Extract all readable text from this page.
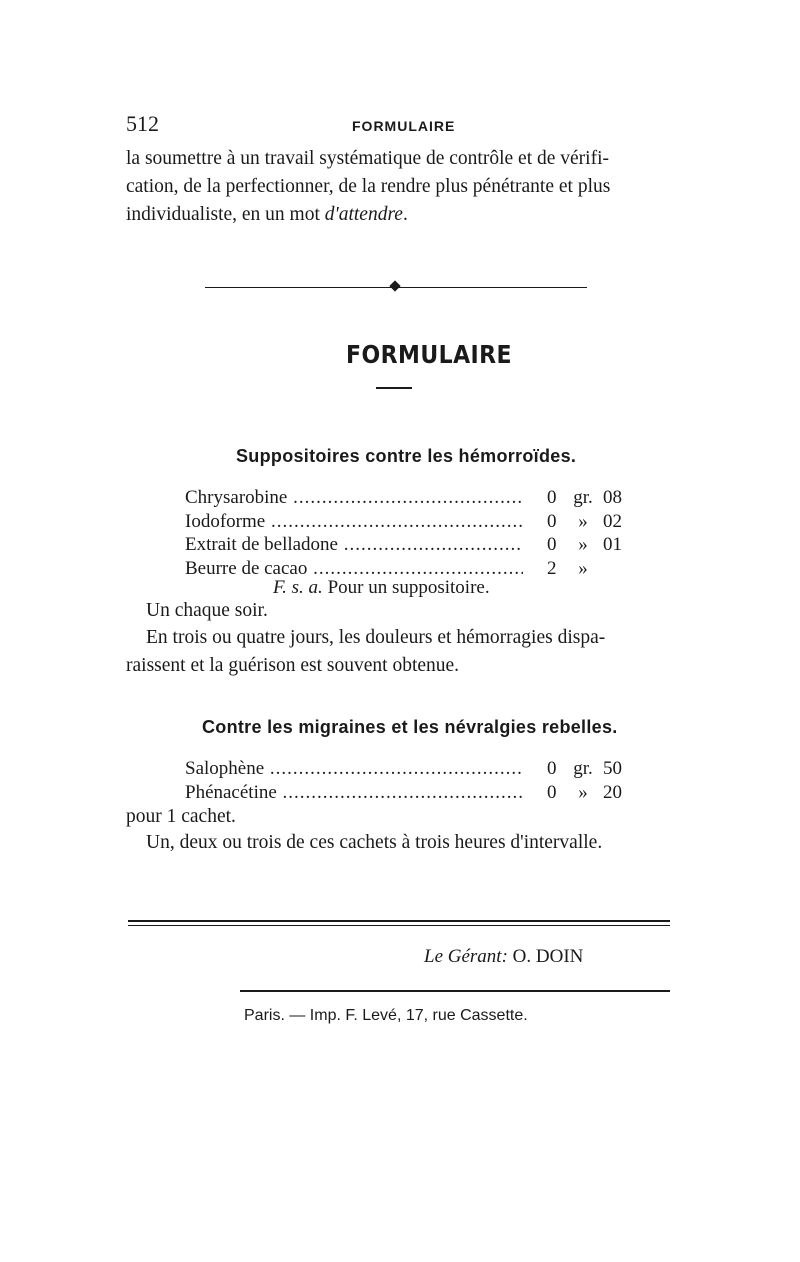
512	FORMULAIRE

la soumettre à un travail systématique de contrôle et de vérifi-

cation, de la perfectionner, de la rendre plus pénétrante et plus

individualiste, en un mot d'attendre.

FORMULAIRE
Suppositoires contre les hémorroïdes.
Chrysarobine .....	0 gr. 08
Iodoforme .....	0 » 02
Extrait de belladone .....	0 » 01
Beurre de cacao .....	2 »
F. s. a. Pour un suppositoire.
Un chaque soir.

En trois ou quatre jours, les douleurs et hémorragies dispa-

raissent et la guérison est souvent obtenue.

Contre les migraines et les névralgies rebelles.
Salophène .....	0 gr. 50
Phénacétine .....	0 » 20
pour 1 cachet.
Un, deux ou trois de ces cachets à trois heures d'intervalle.
Le Gérant: O. DOIN
Paris. — Imp. F. Levé, 17, rue Cassette.
